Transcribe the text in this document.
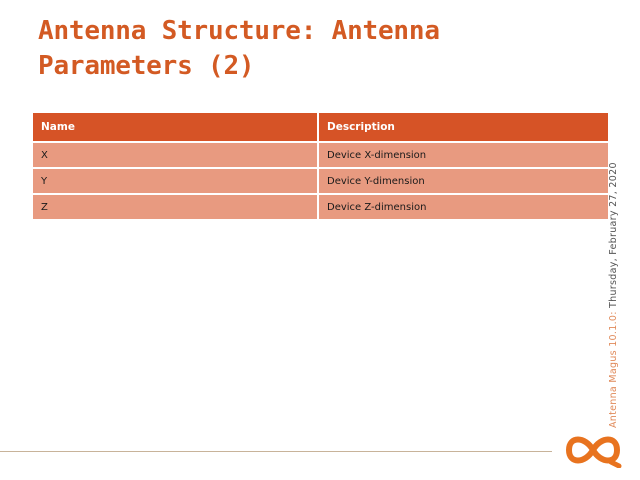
Antenna Structure: Antenna Parameters (2)
Name	Description
X	Device X-dimension
Y	Device Y-dimension
Z	Device Z-dimension
Antenna Magus 10.1.0: Thursday, February 27, 2020
